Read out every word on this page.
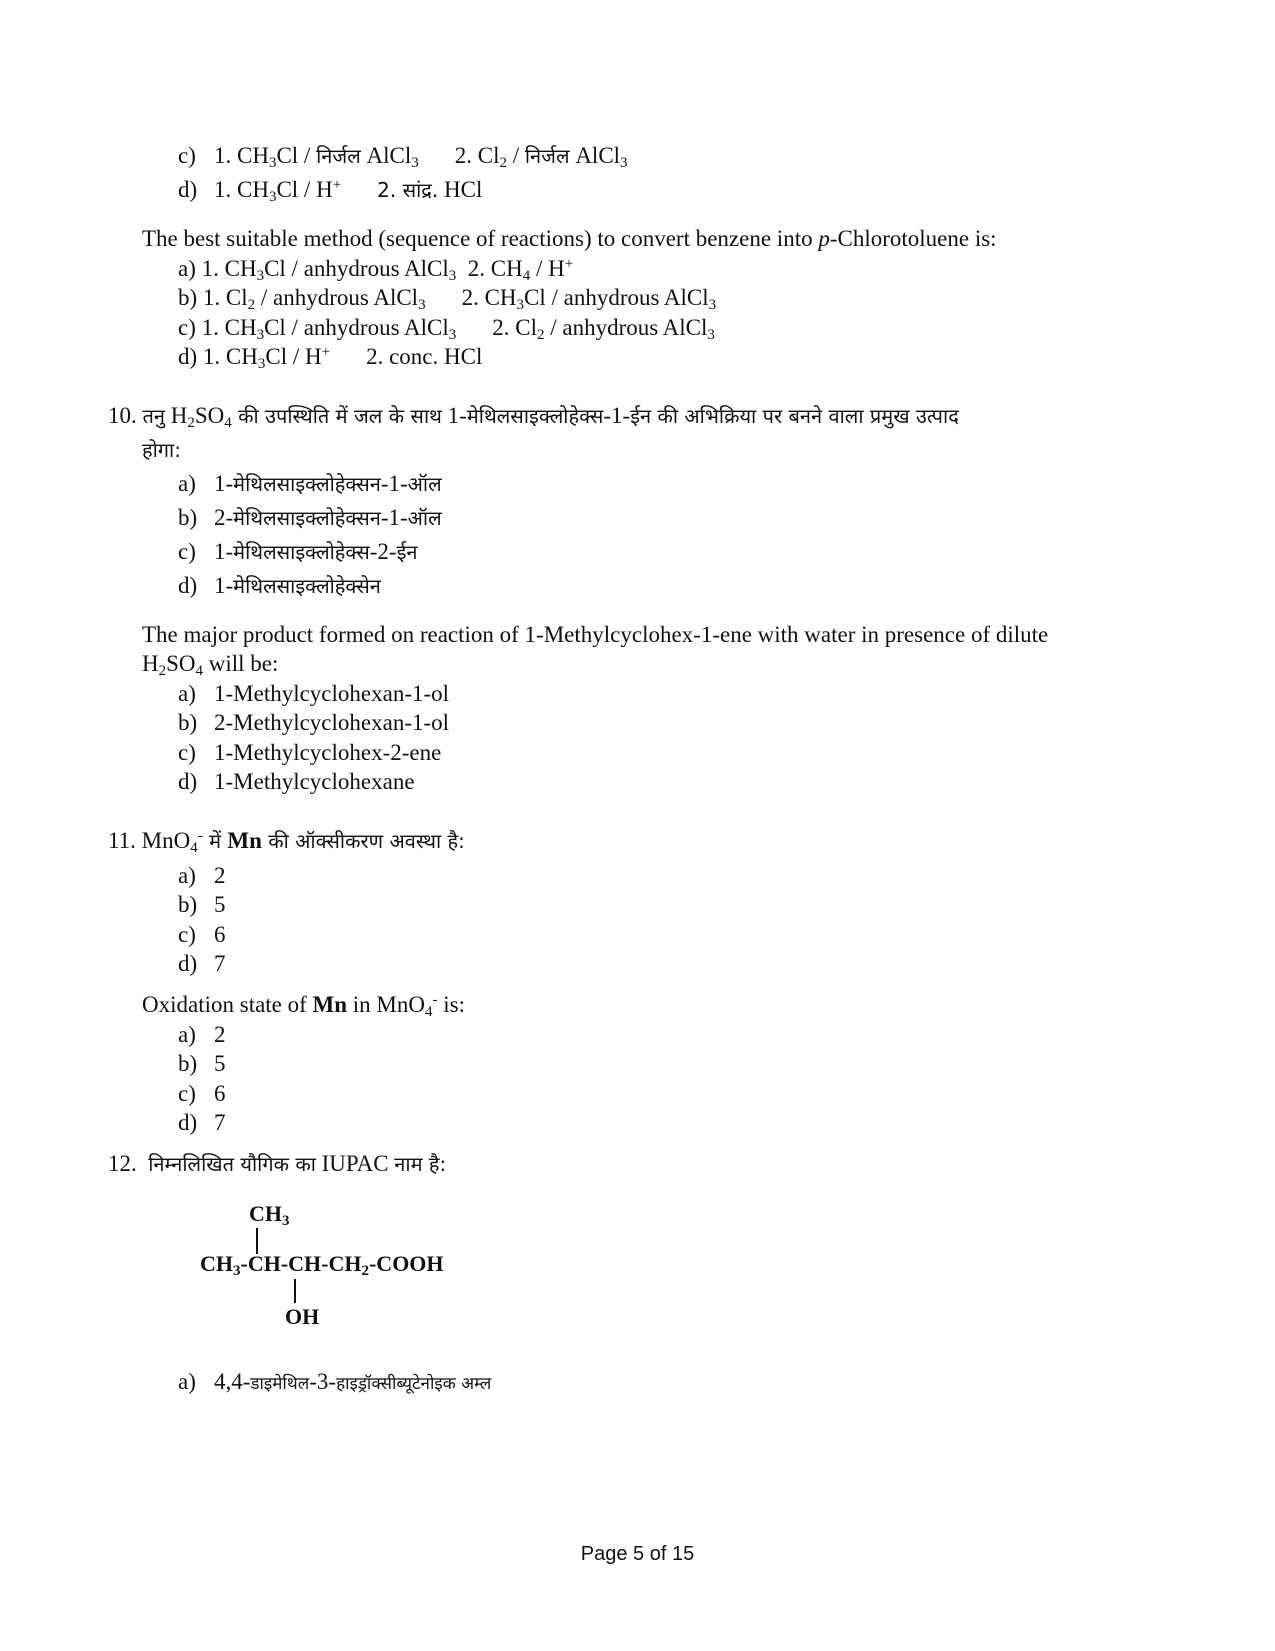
c) 1. $CH_3Cl$ / निर्जल AlCl$_3$ 2. $Cl_2$ / निर्जल AlCl$_3$
d) 1. $CH_3Cl / H^+$ 2. सांद्र. HCl
The best suitable method (sequence of reactions) to convert benzene into p-Chlorotoluene is:
a) 1. $CH_3Cl$ / anhydrous AlCl$_3$  2. $CH_4 / H^+$
b) 1. $Cl_2$ / anhydrous AlCl$_3$ 2. $CH_3Cl$ / anhydrous AlCl$_3$
c) 1. $CH_3Cl$ / anhydrous AlCl$_3$ 2. $Cl_2$ / anhydrous AlCl$_3$
d) 1. $CH_3Cl / H^+$ 2. conc. HCl
10. तनु $H_2SO_4$ की उपस्थिति में जल के साथ 1-मेथिलसाइक्लोहेक्स-1-ईन की अभिक्रिया पर बनने वाला प्रमुख उत्पाद
होगा:
a) 1-मेथिलसाइक्लोहेक्सन-1-ऑल
b) 2-मेथिलसाइक्लोहेक्सन-1-ऑल
c) 1-मेथिलसाइक्लोहेक्स-2-ईन
d) 1-मेथिलसाइक्लोहेक्सेन
The major product formed on reaction of 1-Methylcyclohex-1-ene with water in presence of dilute
$H_2SO_4$ will be:
a) 1-Methylcyclohexan-1-ol
b) 2-Methylcyclohexan-1-ol
c) 1-Methylcyclohex-2-ene
d) 1-Methylcyclohexane
11. MnO$_4$- में Mn की ऑक्सीकरण अवस्था है:
a) 2
b) 5
c) 6
d) 7
Oxidation state of Mn in MnO$_4$- is:
a) 2
b) 5
c) 6
d) 7
12. निम्नलिखित यौगिक का IUPAC नाम है:
$CH_3$
$CH_3-CH-CH-CH_2$-COOH
OH
a) 4,4-डाइमेथिल-3-हाइड्रॉक्सीब्यूटेनोइक अम्ल
Page 5 of 15
